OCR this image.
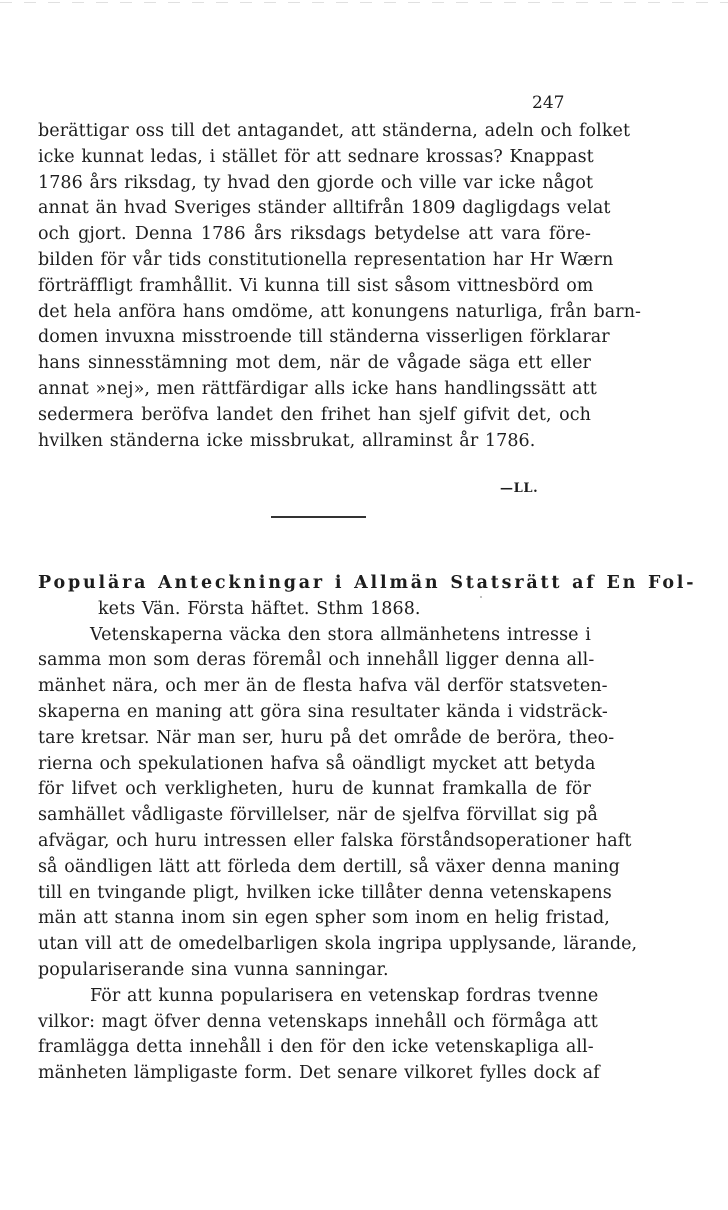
247
berättigar oss till det antagandet, att ständerna, adeln och folket
icke kunnat ledas, i stället för att sednare krossas? Knappast
1786 års riksdag, ty hvad den gjorde och ville var icke något
annat än hvad Sveriges ständer alltifrån 1809 dagligdags velat
och gjort. Denna 1786 års riksdags betydelse att vara före-
bilden för vår tids constitutionella representation har Hr Wærn
förträffligt framhållit. Vi kunna till sist såsom vittnesbörd om
det hela anföra hans omdöme, att konungens naturliga, från barn-
domen invuxna misstroende till ständerna visserligen förklarar
hans sinnesstämning mot dem, när de vågade säga ett eller
annat »nej», men rättfärdigar alls icke hans handlingssätt att
sedermera beröfva landet den frihet han sjelf gifvit det, och
hvilken ständerna icke missbrukat, allraminst år 1786.
—LL.
Populära Anteckningar i Allmän Statsrätt af En Fol-
kets Vän. Första häftet. Sthm 1868.
Vetenskaperna väcka den stora allmänhetens intresse i
samma mon som deras föremål och innehåll ligger denna all-
mänhet nära, och mer än de flesta hafva väl derför statsveten-
skaperna en maning att göra sina resultater kända i vidsträck-
tare kretsar. När man ser, huru på det område de beröra, theo-
rierna och spekulationen hafva så oändligt mycket att betyda
för lifvet och verkligheten, huru de kunnat framkalla de för
samhället vådligaste förvillelser, när de sjelfva förvillat sig på
afvägar, och huru intressen eller falska förståndsoperationer haft
så oändligen lätt att förleda dem dertill, så växer denna maning
till en tvingande pligt, hvilken icke tillåter denna vetenskapens
män att stanna inom sin egen spher som inom en helig fristad,
utan vill att de omedelbarligen skola ingripa upplysande, lärande,
populariserande sina vunna sanningar.
För att kunna popularisera en vetenskap fordras tvenne
vilkor: magt öfver denna vetenskaps innehåll och förmåga att
framlägga detta innehåll i den för den icke vetenskapliga all-
mänheten lämpligaste form. Det senare vilkoret fylles dock af
